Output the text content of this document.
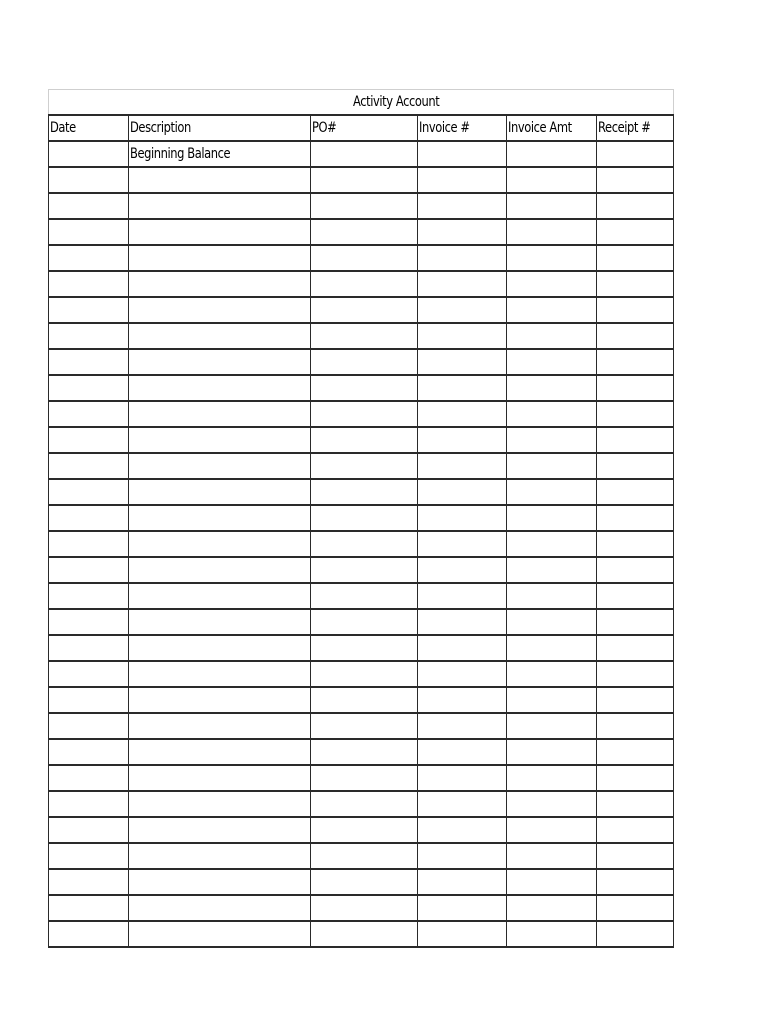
Activity Account					
Date	Description	PO#	Invoice #	Invoice Amt	Receipt #
	Beginning Balance				
